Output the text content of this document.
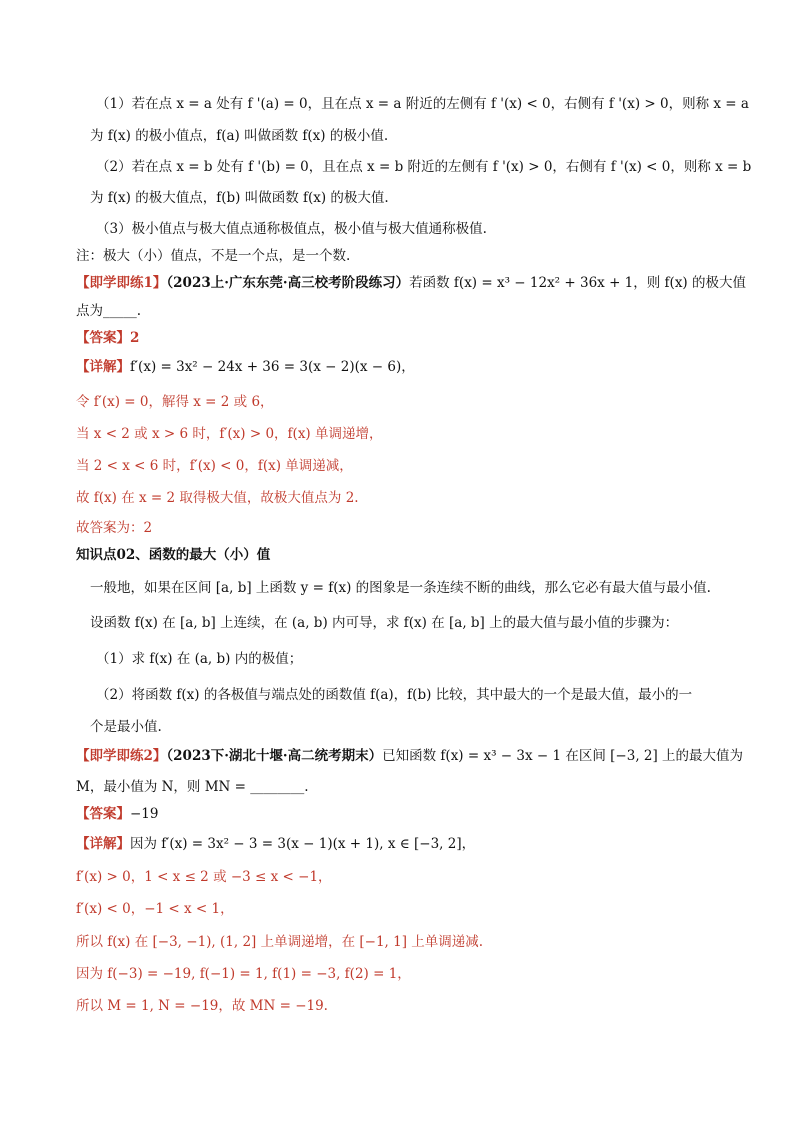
（1）若在点 x = a 处有 f '(a) = 0，且在点 x = a 附近的左侧有 f '(x) < 0，右侧有 f '(x) > 0，则称 x = a
为 f(x) 的极小值点，f(a) 叫做函数 f(x) 的极小值.
（2）若在点 x = b 处有 f '(b) = 0，且在点 x = b 附近的左侧有 f '(x) > 0，右侧有 f '(x) < 0，则称 x = b
为 f(x) 的极大值点，f(b) 叫做函数 f(x) 的极大值.
（3）极小值点与极大值点通称极值点，极小值与极大值通称极值.
注：极大（小）值点，不是一个点，是一个数.
【即学即练1】（2023上·广东东莞·高三校考阶段练习）若函数 f(x) = x³ − 12x² + 36x + 1，则 f(x) 的极大值
点为_____.
【答案】2
【详解】f′(x) = 3x² − 24x + 36 = 3(x − 2)(x − 6)，
令 f′(x) = 0，解得 x = 2 或 6，
当 x < 2 或 x > 6 时，f′(x) > 0，f(x) 单调递增，
当 2 < x < 6 时，f′(x) < 0，f(x) 单调递减，
故 f(x) 在 x = 2 取得极大值，故极大值点为 2.
故答案为：2
知识点02、函数的最大（小）值
一般地，如果在区间 [a, b] 上函数 y = f(x) 的图象是一条连续不断的曲线，那么它必有最大值与最小值.
设函数 f(x) 在 [a, b] 上连续，在 (a, b) 内可导，求 f(x) 在 [a, b] 上的最大值与最小值的步骤为：
（1）求 f(x) 在 (a, b) 内的极值；
（2）将函数 f(x) 的各极值与端点处的函数值 f(a)，f(b) 比较，其中最大的一个是最大值，最小的一
个是最小值.
【即学即练2】（2023下·湖北十堰·高二统考期末）已知函数 f(x) = x³ − 3x − 1 在区间 [−3, 2] 上的最大值为
M，最小值为 N，则 MN = ________.
【答案】−19
【详解】因为 f′(x) = 3x² − 3 = 3(x − 1)(x + 1), x ∈ [−3, 2]，
f′(x) > 0，1 < x ≤ 2 或 −3 ≤ x < −1，
f′(x) < 0，−1 < x < 1，
所以 f(x) 在 [−3, −1), (1, 2] 上单调递增，在 [−1, 1] 上单调递减.
因为 f(−3) = −19, f(−1) = 1, f(1) = −3, f(2) = 1，
所以 M = 1, N = −19，故 MN = −19.
